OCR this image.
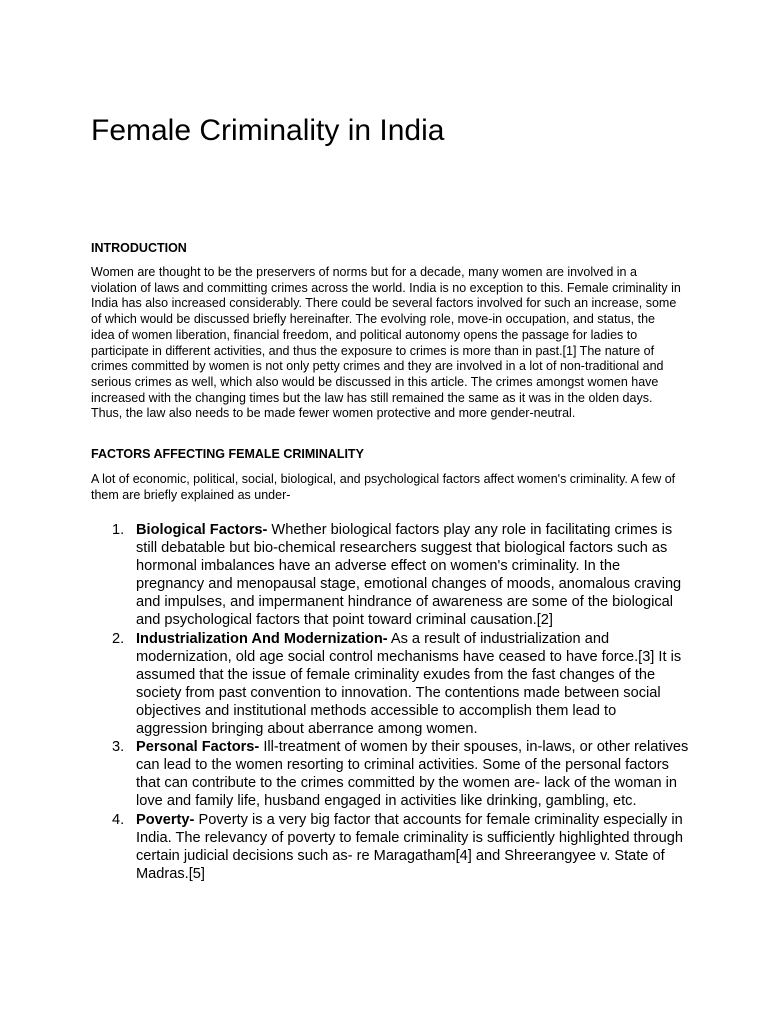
Female Criminality in India
INTRODUCTION

Women are thought to be the preservers of norms but for a decade, many women are involved in a violation of laws and committing crimes across the world. India is no exception to this. Female criminality in India has also increased considerably. There could be several factors involved for such an increase, some of which would be discussed briefly hereinafter. The evolving role, move-in occupation, and status, the idea of women liberation, financial freedom, and political autonomy opens the passage for ladies to participate in different activities, and thus the exposure to crimes is more than in past.[1] The nature of crimes committed by women is not only petty crimes and they are involved in a lot of non-traditional and serious crimes as well, which also would be discussed in this article. The crimes amongst women have increased with the changing times but the law has still remained the same as it was in the olden days. Thus, the law also needs to be made fewer women protective and more gender-neutral.

FACTORS AFFECTING FEMALE CRIMINALITY

A lot of economic, political, social, biological, and psychological factors affect women's criminality. A few of them are briefly explained as under-

1. Biological Factors- Whether biological factors play any role in facilitating crimes is still debatable but bio-chemical researchers suggest that biological factors such as hormonal imbalances have an adverse effect on women's criminality. In the pregnancy and menopausal stage, emotional changes of moods, anomalous craving and impulses, and impermanent hindrance of awareness are some of the biological and psychological factors that point toward criminal causation.[2]
2. Industrialization And Modernization- As a result of industrialization and modernization, old age social control mechanisms have ceased to have force.[3] It is assumed that the issue of female criminality exudes from the fast changes of the society from past convention to innovation. The contentions made between social objectives and institutional methods accessible to accomplish them lead to aggression bringing about aberrance among women.
3. Personal Factors- Ill-treatment of women by their spouses, in-laws, or other relatives can lead to the women resorting to criminal activities. Some of the personal factors that can contribute to the crimes committed by the women are- lack of the woman in love and family life, husband engaged in activities like drinking, gambling, etc.
4. Poverty- Poverty is a very big factor that accounts for female criminality especially in India. The relevancy of poverty to female criminality is sufficiently highlighted through certain judicial decisions such as- re Maragatham[4] and Shreerangyee v. State of Madras.[5]
